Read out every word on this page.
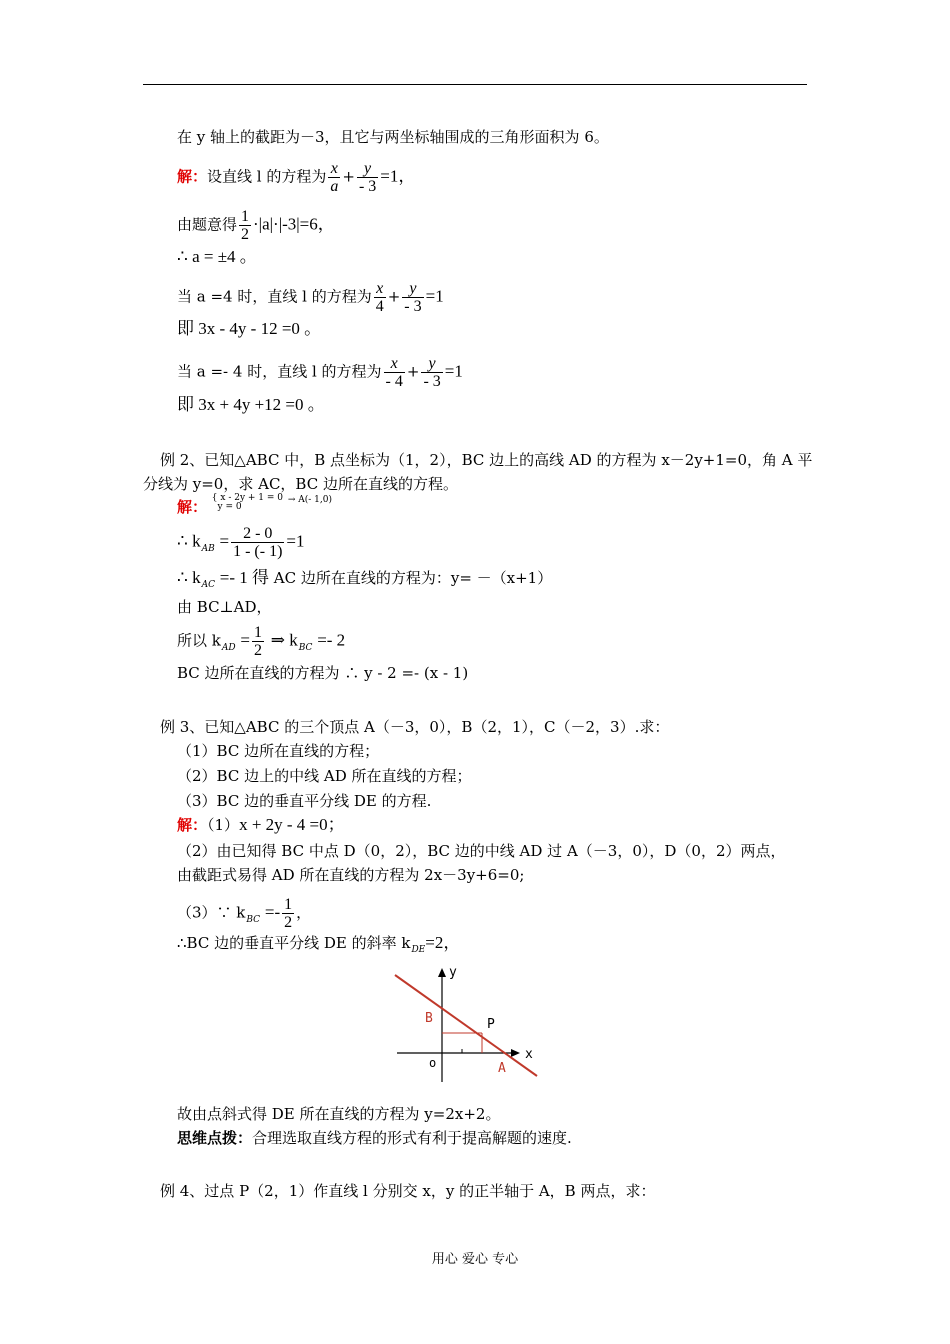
在 y 轴上的截距为－3，且它与两坐标轴围成的三角形面积为 6。
解：设直线 l 的方程为 $\frac{x}{a} + \frac{y}{- 3} =1$，
由题意得 $\frac{1}{2} \cdot|a|\cdot|-3|=6$，
∴ a = ±4 。
当 a =4 时，直线 l 的方程为 $\frac{x}{4} + \frac{y}{- 3} =1$
即 3x - 4y - 12 =0 。
当 a =- 4 时，直线 l 的方程为 $\frac{x}{- 4} + \frac{y}{- 3} =1$
即 3x + 4y +12 =0 。
例 2、已知△ABC 中，B 点坐标为（1，2），BC 边上的高线 AD 的方程为 x－2y+1=0，角 A 平
分线为 y=0，求 AC，BC 边所在直线的方程。
解： { x - 2y + 1 = 0
y = 0
$^{\to A(- 1,0)}$
∴ $k_{AB} = \frac{2 - 0}{1 - (- 1)} =1$
∴ $k_{AC} =- 1$ 得 AC 边所在直线的方程为：y= －（x+1）
由 BC⊥AD，
所以 $k_{AD} = \frac{1}{2}$ ⇒ $k_{BC} =- 2$
BC 边所在直线的方程为 ∴ y - 2 =- (x - 1)
例 3、已知△ABC 的三个顶点 A（－3，0），B（2，1），C（－2，3）.求：
（1）BC 边所在直线的方程；
（2）BC 边上的中线 AD 所在直线的方程；
（3）BC 边的垂直平分线 DE 的方程.
解：（1）x + 2y - 4 =0；
（2）由已知得 BC 中点 D（0，2），BC 边的中线 AD 过 A（－3，0），D（0，2）两点，
由截距式易得 AD 所在直线的方程为 2x－3y+6=0;
（3）∵ $k_{BC} =- \frac{1}{2}$ ，
∴BC 边的垂直平分线 DE 的斜率 $k_{DE}=2$，
y
x
B	P
A
o
故由点斜式得 DE 所在直线的方程为 y=2x+2。
思维点拨：合理选取直线方程的形式有利于提高解题的速度.
例 4、过点 P（2，1）作直线 l 分别交 x，y 的正半轴于 A，B 两点，求：
用心 爱心 专心
